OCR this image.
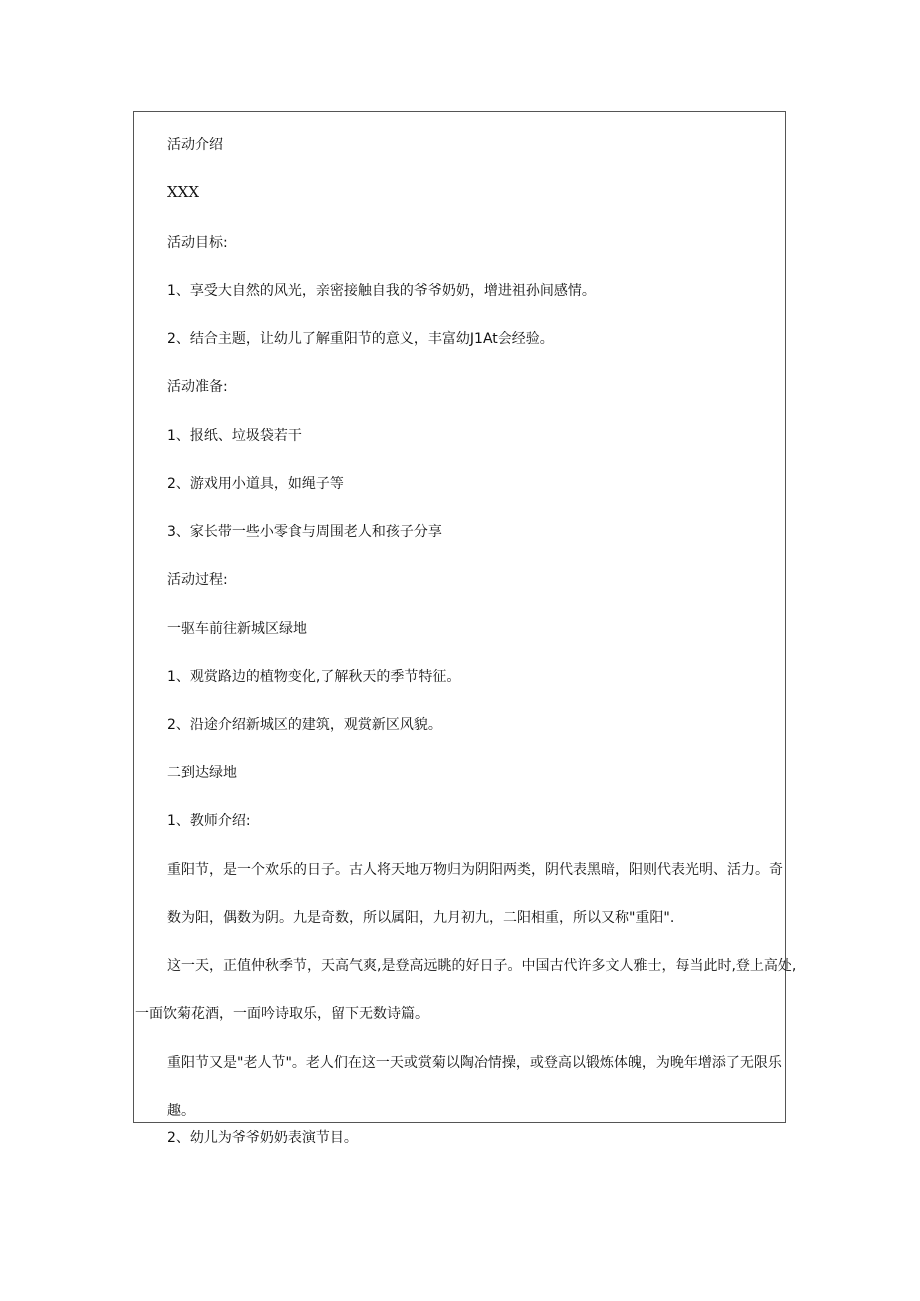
活动介绍
XXX
活动目标:
1、享受大自然的风光，亲密接触自我的爷爷奶奶，增进祖孙间感情。
2、结合主题，让幼儿了解重阳节的意义，丰富幼J1At会经验。
活动准备:
1、报纸、垃圾袋若干
2、游戏用小道具，如绳子等
3、家长带一些小零食与周围老人和孩子分享
活动过程:
一驱车前往新城区绿地
1、观赏路边的植物变化,了解秋天的季节特征。
2、沿途介绍新城区的建筑，观赏新区风貌。
二到达绿地
1、教师介绍:
重阳节，是一个欢乐的日子。古人将天地万物归为阴阳两类，阴代表黑暗，阳则代表光明、活力。奇
数为阳，偶数为阴。九是奇数，所以属阳，九月初九，二阳相重，所以又称"重阳".
这一天，正值仲秋季节，天高气爽,是登高远眺的好日子。中国古代许多文人雅士，每当此时,登上高处,
一面饮菊花酒，一面吟诗取乐，留下无数诗篇。
重阳节又是"老人节"。老人们在这一天或赏菊以陶冶情操，或登高以锻炼体魄，为晚年增添了无限乐
趣。
2、幼儿为爷爷奶奶表演节目。
